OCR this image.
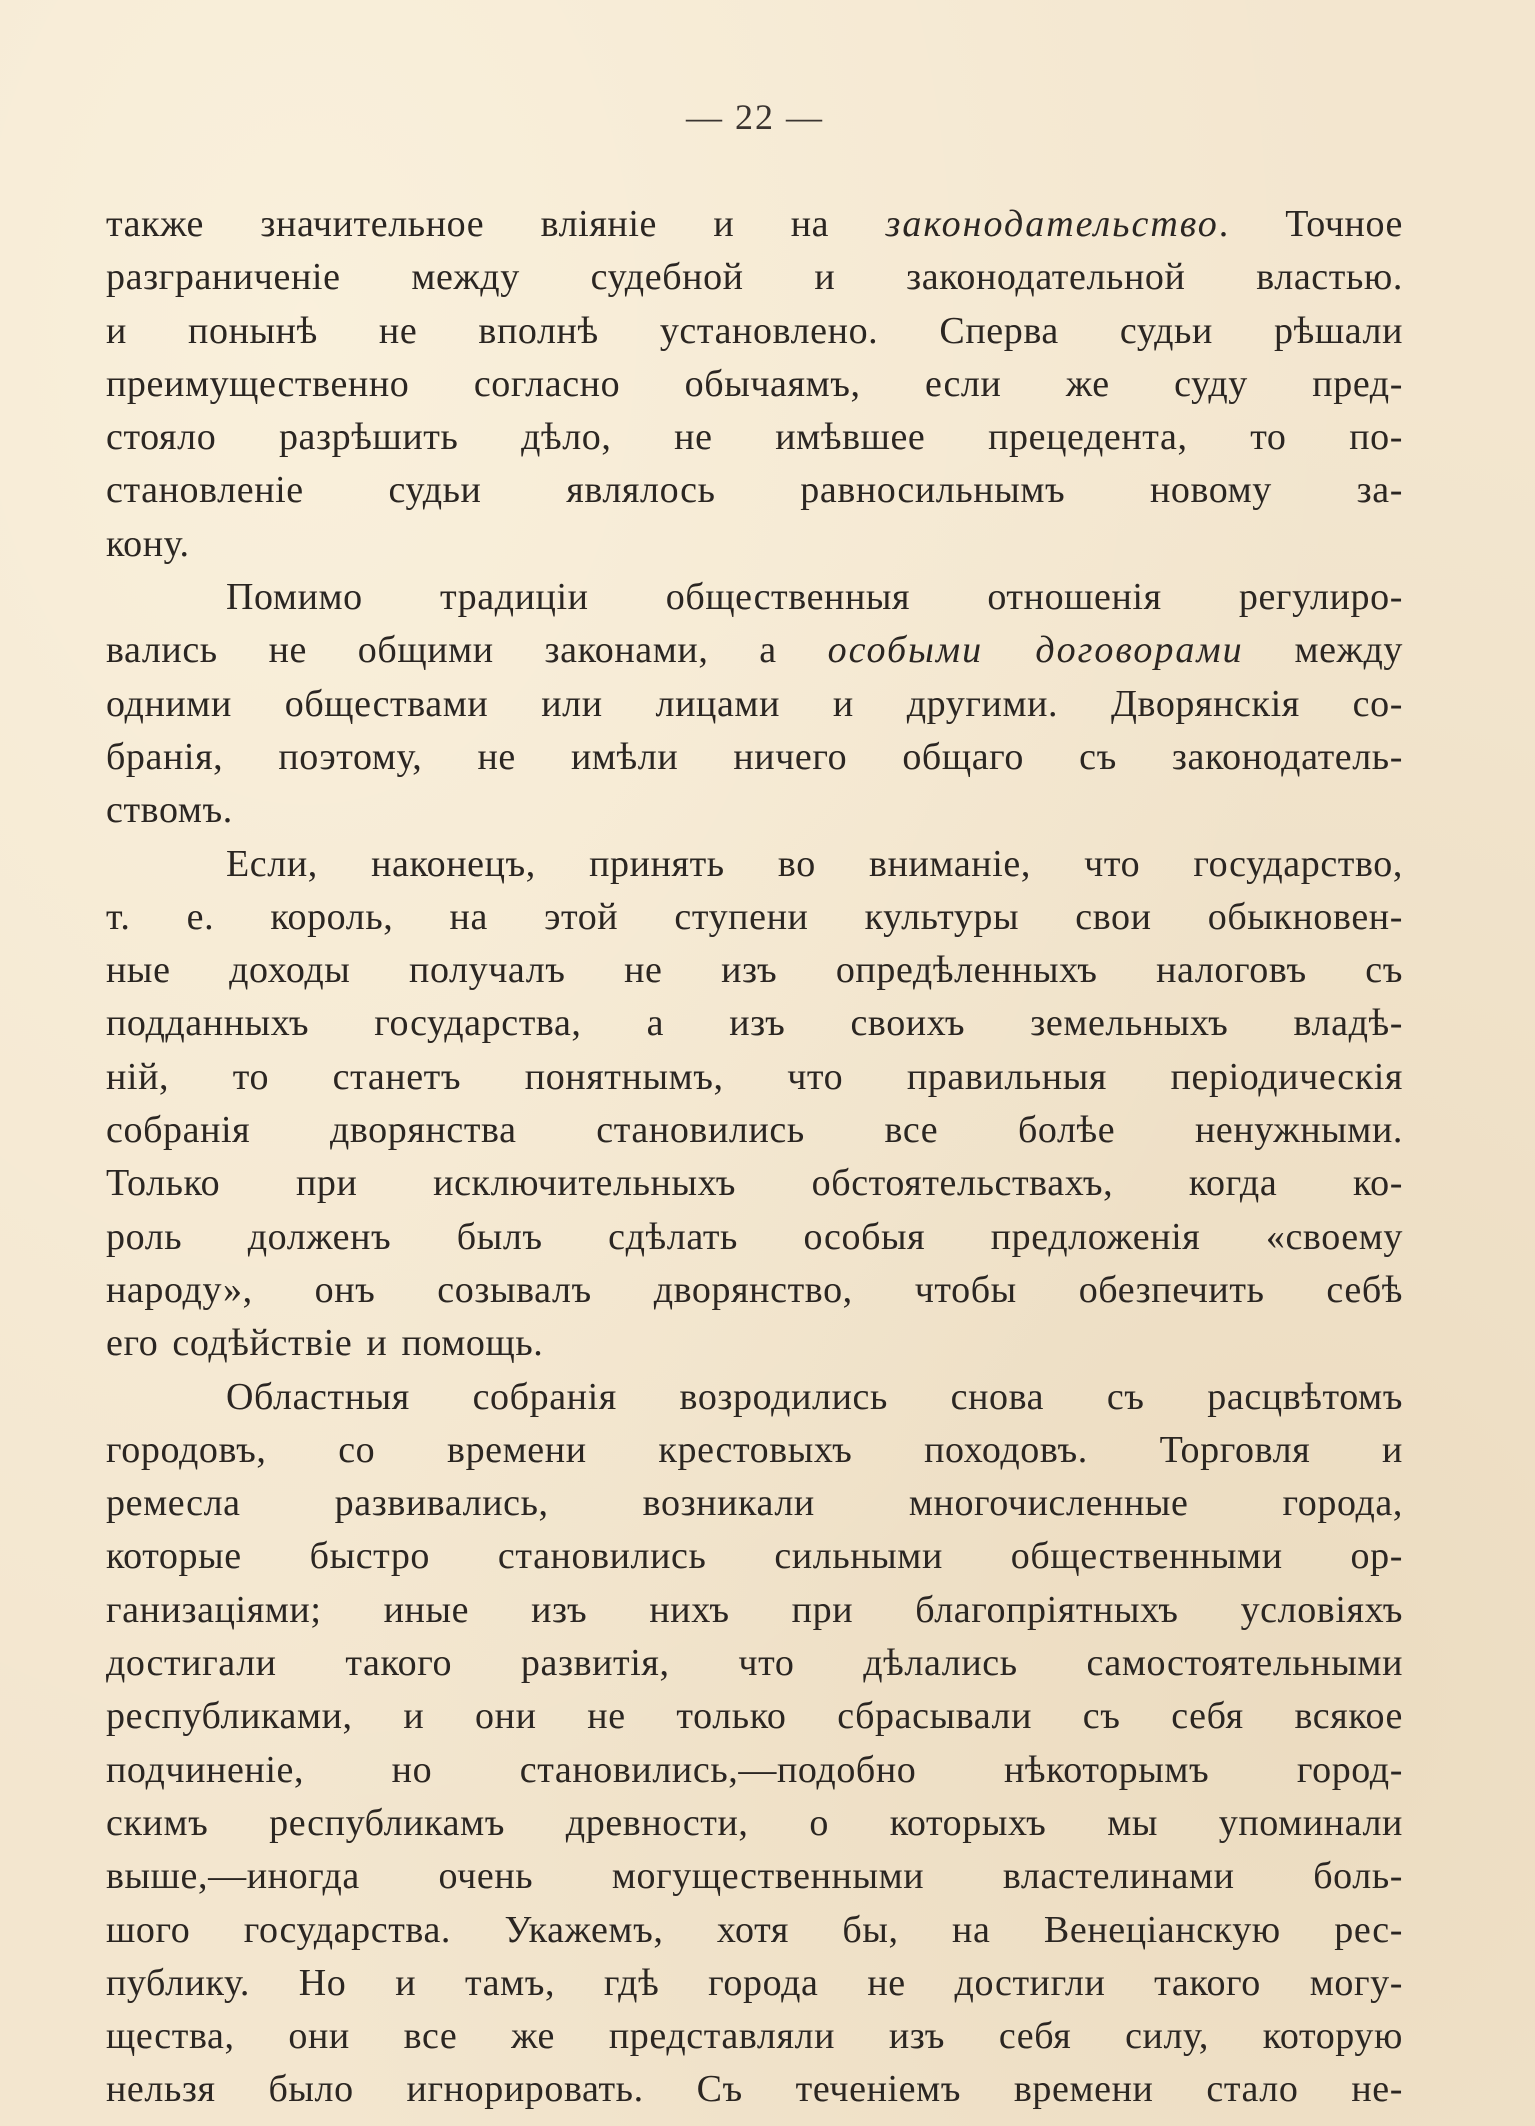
— 22 —
также значительное вліяніе и на законодательство. Точное
разграниченіе между судебной и законодательной властью.
и понынѣ не вполнѣ установлено. Сперва судьи рѣшали
преимущественно согласно обычаямъ, если же суду пред-
стояло разрѣшить дѣло, не имѣвшее прецедента, то по-
становленіе судьи являлось равносильнымъ новому за-
кону.
Помимо традиціи общественныя отношенія регулиро-
вались не общими законами, а особыми договорами между
одними обществами или лицами и другими. Дворянскія со-
бранія, поэтому, не имѣли ничего общаго съ законодатель-
ствомъ.
Если, наконецъ, принять во вниманіе, что государство,
т. е. король, на этой ступени культуры свои обыкновен-
ные доходы получалъ не изъ опредѣленныхъ налоговъ съ
подданныхъ государства, а изъ своихъ земельныхъ владѣ-
ній, то станетъ понятнымъ, что правильныя періодическія
собранія дворянства становились все болѣе ненужными.
Только при исключительныхъ обстоятельствахъ, когда ко-
роль долженъ былъ сдѣлать особыя предложенія «своему
народу», онъ созывалъ дворянство, чтобы обезпечить себѣ
его содѣйствіе и помощь.
Областныя собранія возродились снова съ расцвѣтомъ
городовъ, со времени крестовыхъ походовъ. Торговля и
ремесла развивались, возникали многочисленные города,
которые быстро становились сильными общественными ор-
ганизаціями; иные изъ нихъ при благопріятныхъ условіяхъ
достигали такого развитія, что дѣлались самостоятельными
республиками, и они не только сбрасывали съ себя всякое
подчиненіе, но становились,—подобно нѣкоторымъ город-
скимъ республикамъ древности, о которыхъ мы упоминали
выше,—иногда очень могущественными властелинами боль-
шого государства. Укажемъ, хотя бы, на Венеціанскую рес-
публику. Но и тамъ, гдѣ города не достигли такого могу-
щества, они все же представляли изъ себя силу, которую
нельзя было игнорировать. Съ теченіемъ времени стало не-
